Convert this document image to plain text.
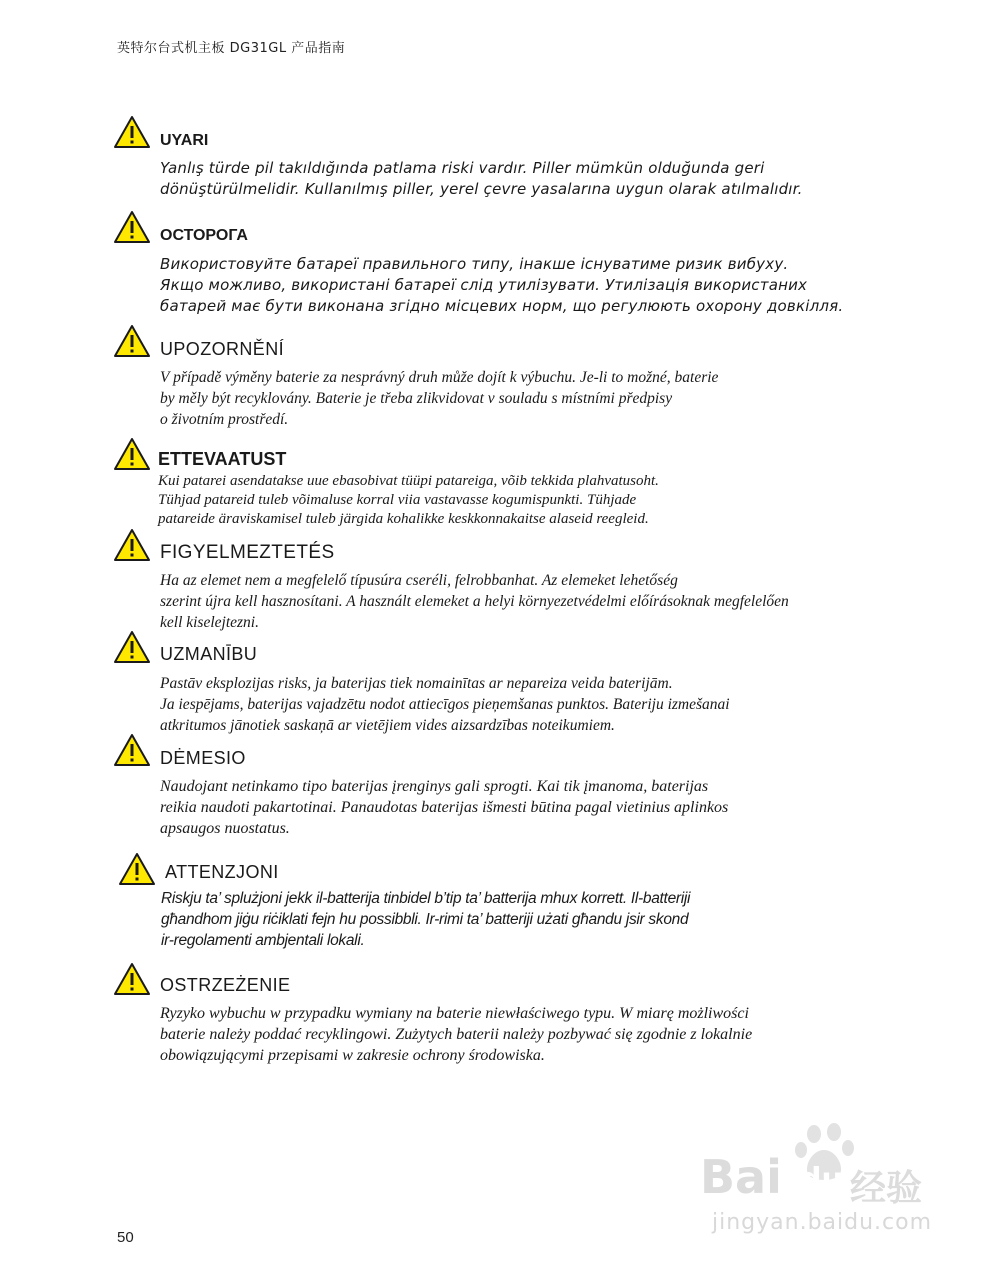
英特尔台式机主板 DG31GL 产品指南
UYARI
Yanlış türde pil takıldığında patlama riski vardır. Piller mümkün olduğunda geri
dönüştürülmelidir. Kullanılmış piller, yerel çevre yasalarına uygun olarak atılmalıdır.
ОСТОРОГА
Використовуйте батареї правильного типу, інакше існуватиме ризик вибуху.
Якщо можливо, використані батареї слід утилізувати. Утилізація використаних
батарей має бути виконана згідно місцевих норм, що регулюють охорону довкілля.
UPOZORNĚNÍ
V případě výměny baterie za nesprávný druh může dojít k výbuchu. Je-li to možné, baterie
by měly být recyklovány. Baterie je třeba zlikvidovat v souladu s místními předpisy
o životním prostředí.
ETTEVAATUST
Kui patarei asendatakse uue ebasobivat tüüpi patareiga, võib tekkida plahvatusoht.
Tühjad patareid tuleb võimaluse korral viia vastavasse kogumispunkti. Tühjade
patareide äraviskamisel tuleb järgida kohalikke keskkonnakaitse alaseid reegleid.
FIGYELMEZTETÉS
Ha az elemet nem a megfelelő típusúra cseréli, felrobbanhat. Az elemeket lehetőség
szerint újra kell hasznosítani. A használt elemeket a helyi környezetvédelmi előírásoknak megfelelően
kell kiselejtezni.
UZMANĪBU
Pastāv eksplozijas risks, ja baterijas tiek nomainītas ar nepareiza veida baterijām.
Ja iespējams, baterijas vajadzētu nodot attiecīgos pieņemšanas punktos. Bateriju izmešanai
atkritumos jānotiek saskaņā ar vietējiem vides aizsardzības noteikumiem.
DĖMESIO
Naudojant netinkamo tipo baterijas įrenginys gali sprogti. Kai tik įmanoma, baterijas
reikia naudoti pakartotinai. Panaudotas baterijas išmesti būtina pagal vietinius aplinkos
apsaugos nuostatus.
ATTENZJONI
Riskju ta’ splużjoni jekk il-batterija tinbidel b’tip ta’ batterija mhux korrett. Il-batteriji
għandhom jiġu riċiklati fejn hu possibbli. Ir-rimi ta’ batteriji użati għandu jsir skond
ir-regolamenti ambjentali lokali.
OSTRZEŻENIE
Ryzyko wybuchu w przypadku wymiany na baterie niewłaściwego typu. W miarę możliwości
baterie należy poddać recyklingowi. Zużytych baterii należy pozbywać się zgodnie z lokalnie
obowiązującymi przepisami w zakresie ochrony środowiska.
50
Bai du 经验
jingyan.baidu.com
